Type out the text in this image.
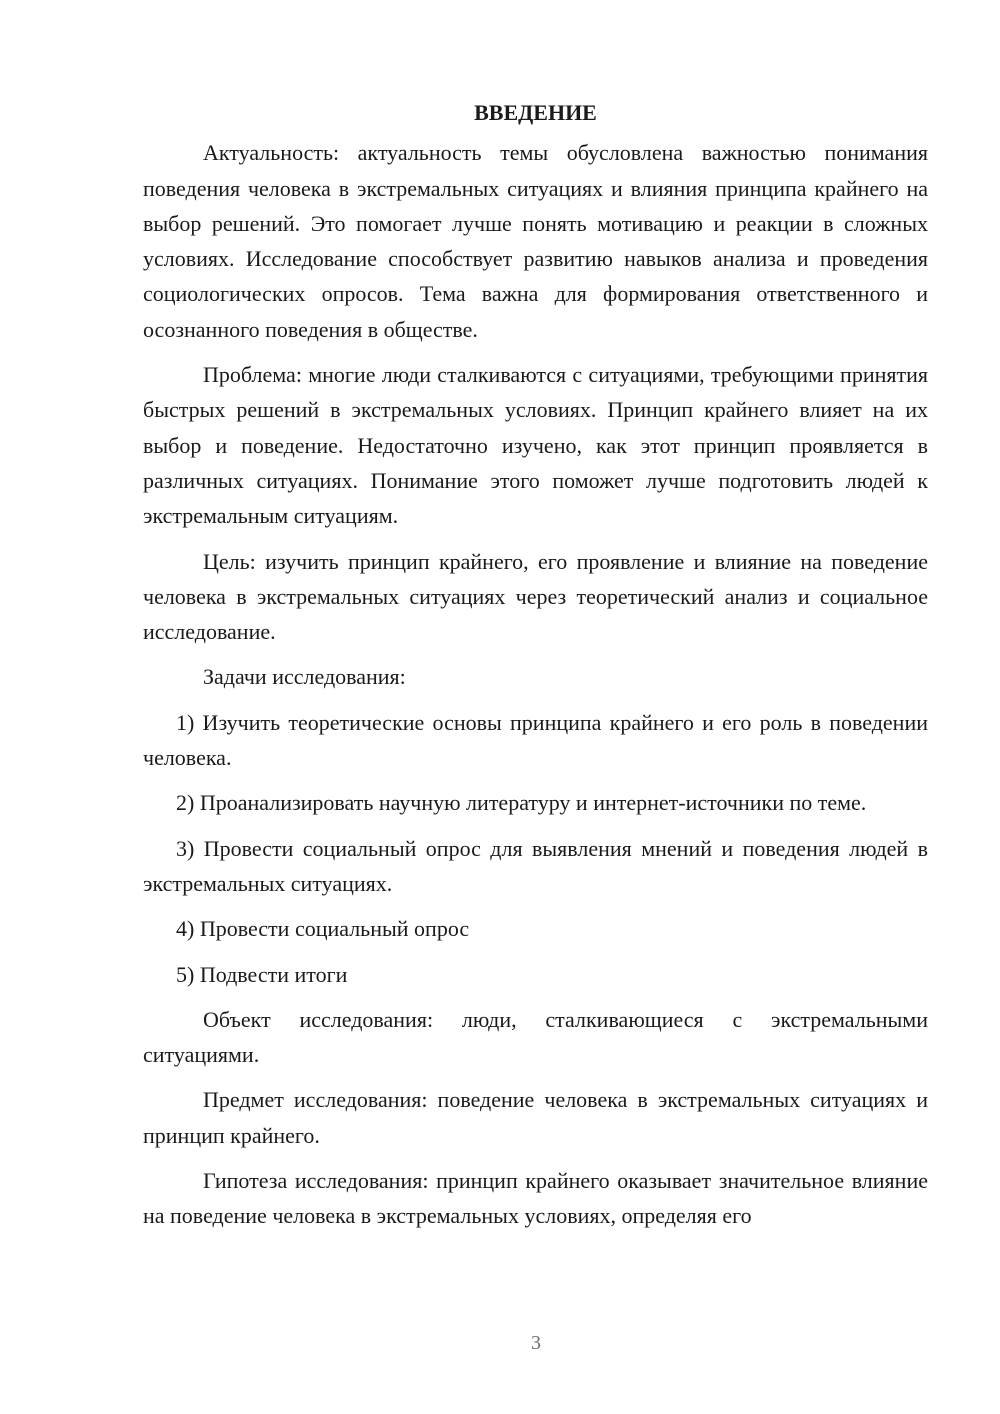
ВВЕДЕНИЕ

Актуальность: актуальность темы обусловлена важностью понимания поведения человека в экстремальных ситуациях и влияния принципа крайнего на выбор решений. Это помогает лучше понять мотивацию и реакции в сложных условиях. Исследование способствует развитию навыков анализа и проведения социологических опросов. Тема важна для формирования ответственного и осознанного поведения в обществе.

Проблема: многие люди сталкиваются с ситуациями, требующими принятия быстрых решений в экстремальных условиях. Принцип крайнего влияет на их выбор и поведение. Недостаточно изучено, как этот принцип проявляется в различных ситуациях. Понимание этого поможет лучше подготовить людей к экстремальным ситуациям.

Цель: изучить принцип крайнего, его проявление и влияние на поведение человека в экстремальных ситуациях через теоретический анализ и социальное исследование.

Задачи исследования:

1) Изучить теоретические основы принципа крайнего и его роль в поведении человека.

2) Проанализировать научную литературу и интернет-источники по теме.

3) Провести социальный опрос для выявления мнений и поведения людей в экстремальных ситуациях.

4) Провести социальный опрос

5) Подвести итоги

Объект исследования: люди, сталкивающиеся с экстремальными ситуациями.

Предмет исследования: поведение человека в экстремальных ситуациях и принцип крайнего.

Гипотеза исследования: принцип крайнего оказывает значительное влияние на поведение человека в экстремальных условиях, определяя его

3
